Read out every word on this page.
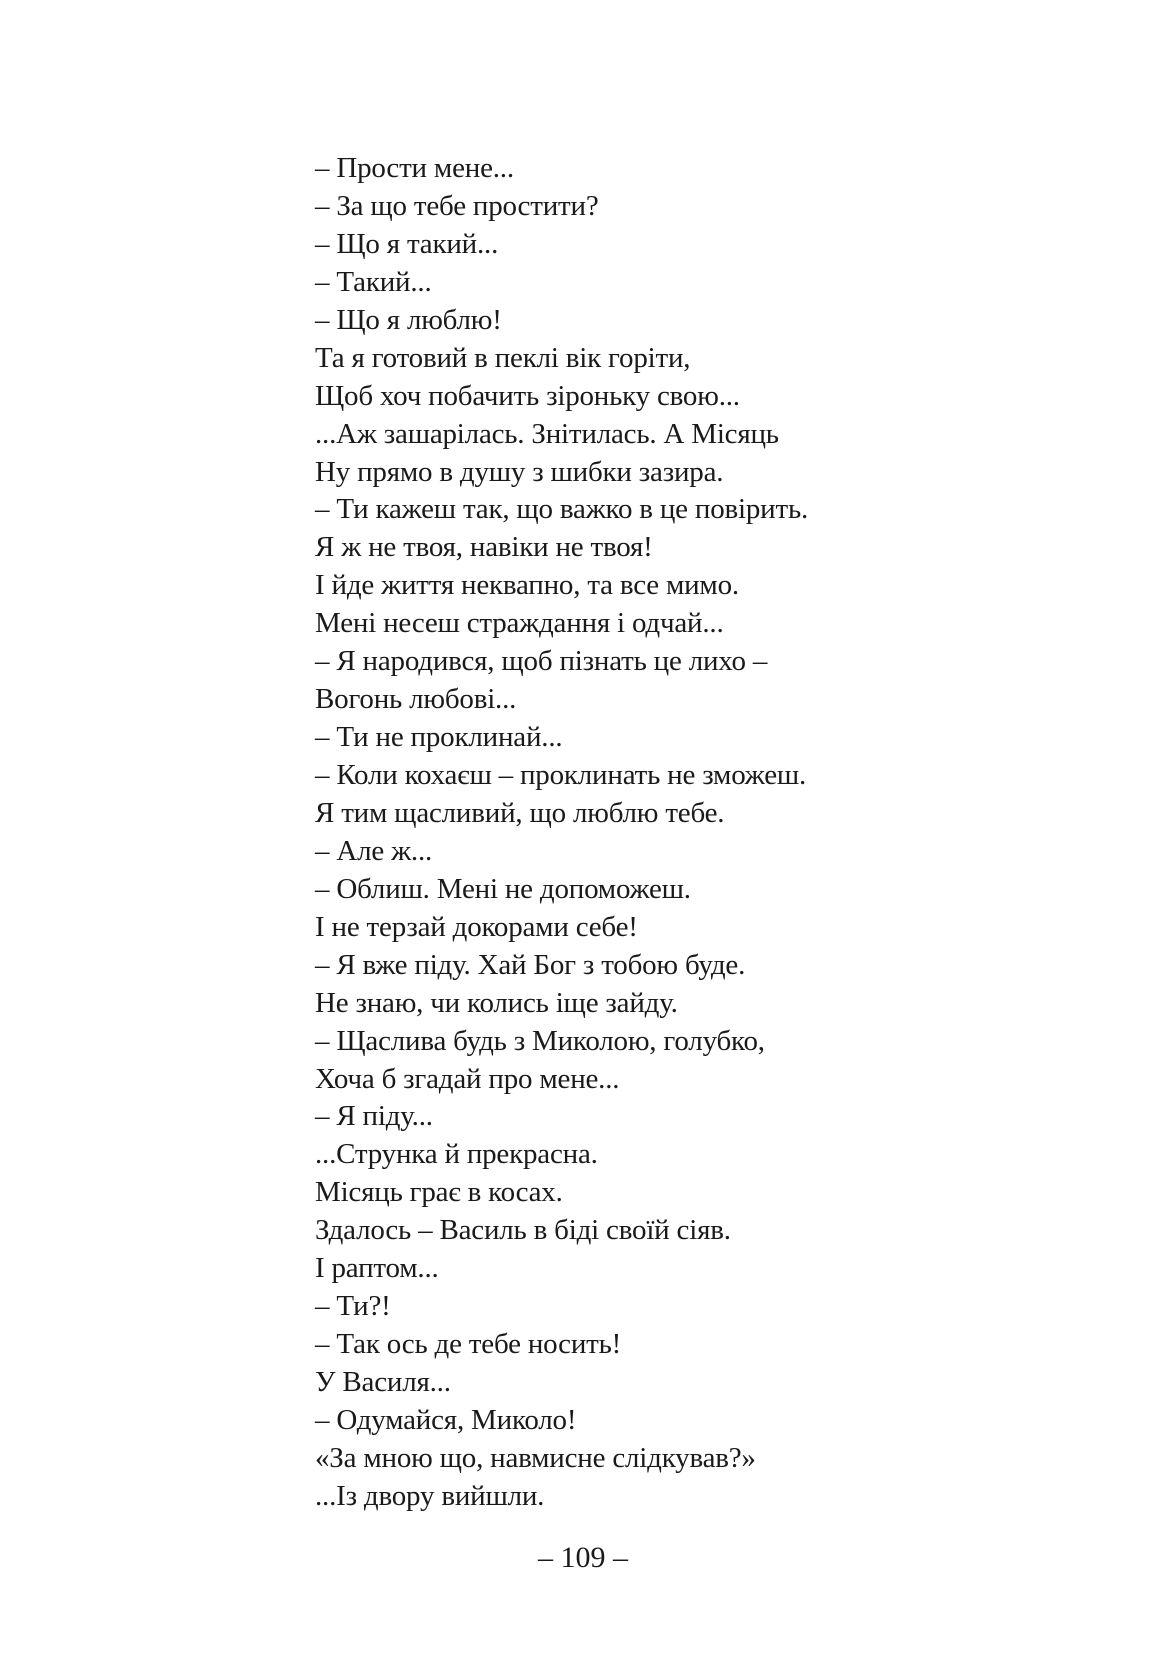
– Прости мене...
– За що тебе простити?
– Що я такий...
– Такий...
– Що я люблю!
Та я готовий в пеклі вік горіти,
Щоб хоч побачить зіроньку свою...
...Аж зашарілась. Знітилась. А Місяць
Ну прямо в душу з шибки зазира.
– Ти кажеш так, що важко в це повірить.
Я ж не твоя, навіки не твоя!
І йде життя неквапно, та все мимо.
Мені несеш страждання і одчай...
– Я народився, щоб пізнать це лихо –
Вогонь любові...
– Ти не проклинай...
– Коли кохаєш – проклинать не зможеш.
Я тим щасливий, що люблю тебе.
– Але ж...
– Облиш. Мені не допоможеш.
І не терзай докорами себе!
– Я вже піду. Хай Бог з тобою буде.
Не знаю, чи колись іще зайду.
– Щаслива будь з Миколою, голубко,
Хоча б згадай про мене...
– Я піду...
...Струнка й прекрасна.
Місяць грає в косах.
Здалось – Василь в біді своїй сіяв.
І раптом...
– Ти?!
– Так ось де тебе носить!
У Василя...
– Одумайся, Миколо!
«За мною що, навмисне слідкував?»
...Із двору вийшли.
– 109 –
